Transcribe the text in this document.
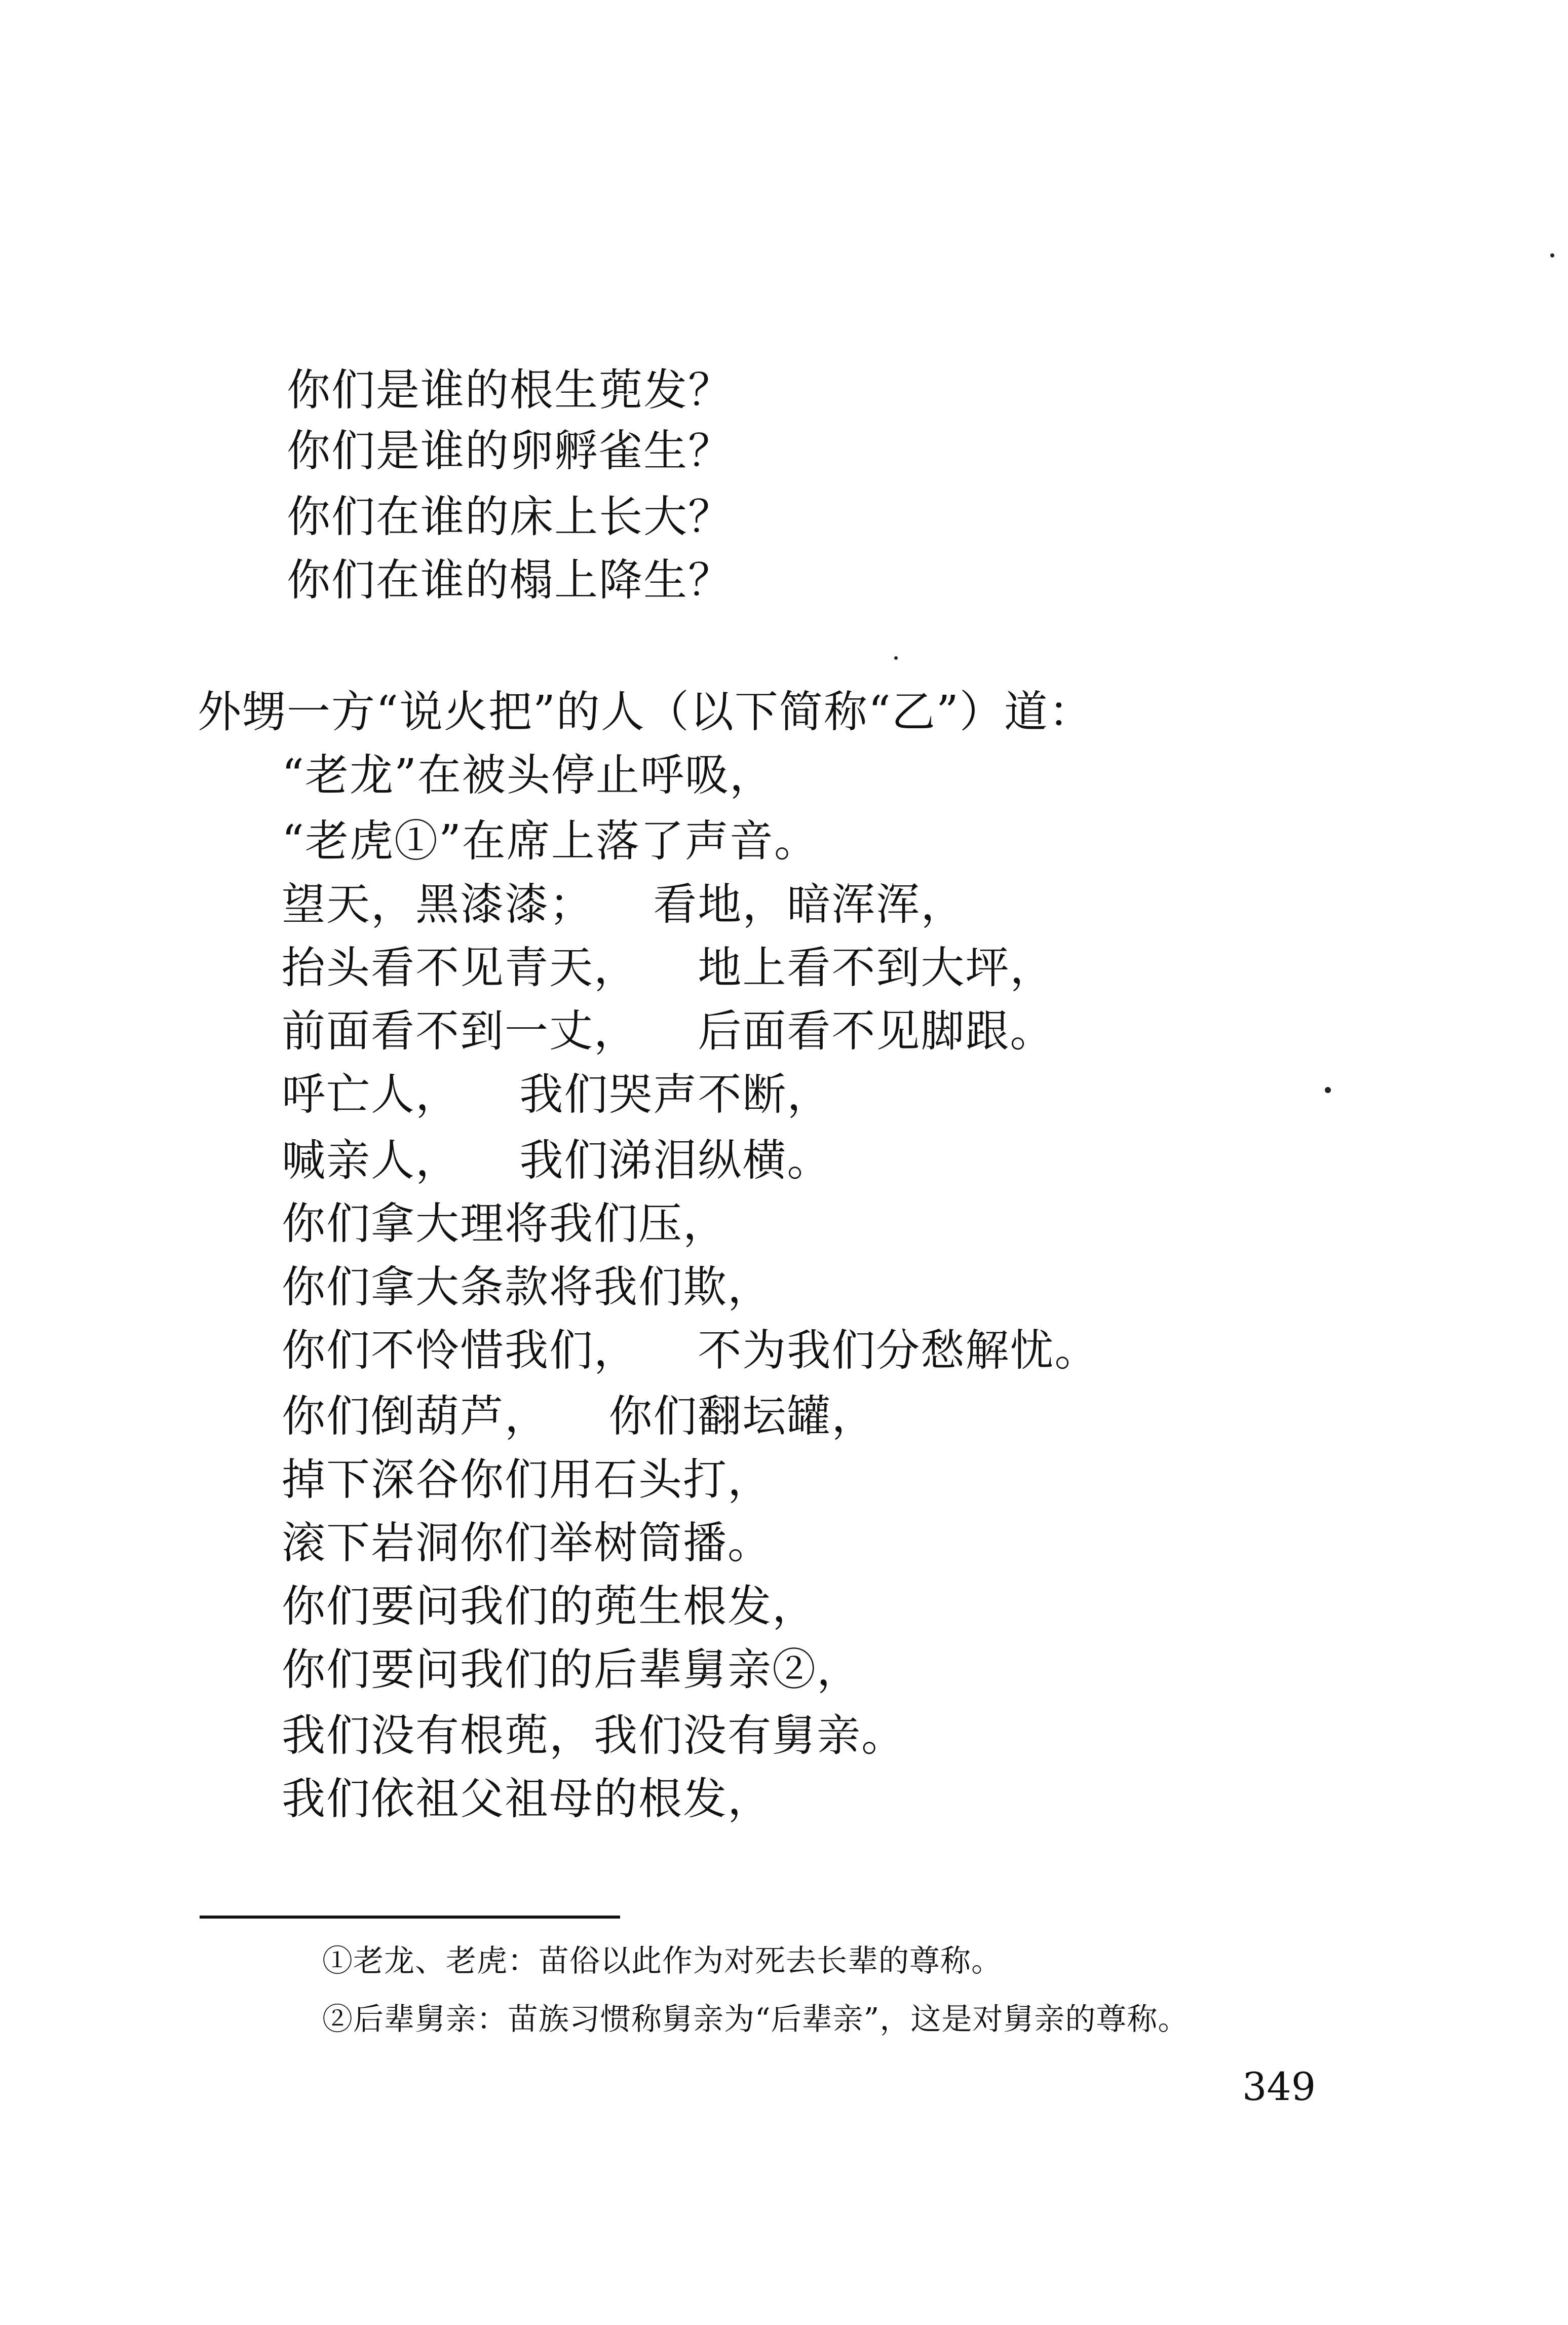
你们是谁的根生蔸发？
你们是谁的卵孵雀生？
你们在谁的床上长大？
你们在谁的榻上降生？
外甥一方“说火把”的人（以下简称“乙”）道：
“老龙”在被头停止呼吸，
“老虎①”在席上落了声音。
望天，黑漆漆；    看地，暗浑浑，
抬头看不见青天，    地上看不到大坪，
前面看不到一丈，    后面看不见脚跟。
呼亡人，    我们哭声不断，
喊亲人，    我们涕泪纵横。
你们拿大理将我们压，
你们拿大条款将我们欺，
你们不怜惜我们，    不为我们分愁解忧。
你们倒葫芦，    你们翻坛罐，
掉下深谷你们用石头打，
滚下岩洞你们举树筒播。
你们要问我们的蔸生根发，
你们要问我们的后辈舅亲②，
我们没有根蔸，我们没有舅亲。
我们依祖父祖母的根发，
①老龙、老虎：苗俗以此作为对死去长辈的尊称。
②后辈舅亲：苗族习惯称舅亲为“后辈亲”，这是对舅亲的尊称。
349
